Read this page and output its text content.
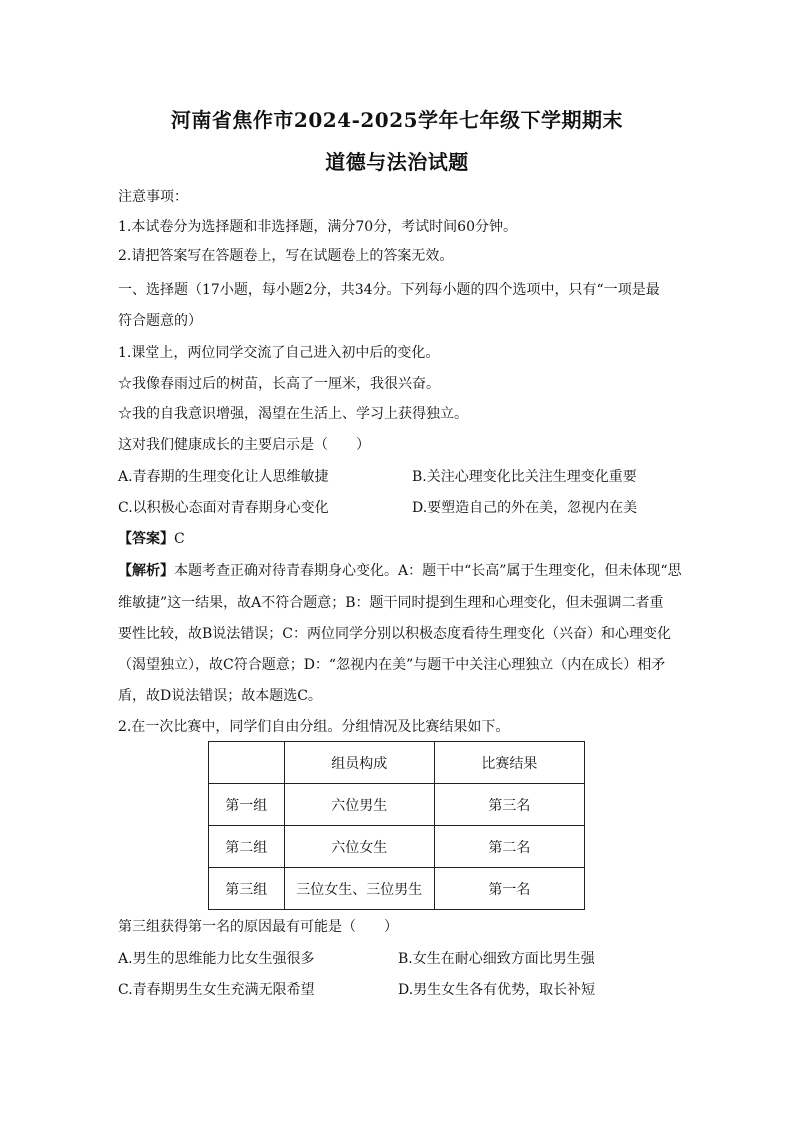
河南省焦作市2024-2025学年七年级下学期期末
道德与法治试题
注意事项：
1.本试卷分为选择题和非选择题，满分70分，考试时间60分钟。
2.请把答案写在答题卷上，写在试题卷上的答案无效。
一、选择题（17小题，每小题2分，共34分。下列每小题的四个选项中，只有“一项是最
符合题意的）
1.课堂上，两位同学交流了自己进入初中后的变化。
☆我像春雨过后的树苗，长高了一厘米，我很兴奋。
☆我的自我意识增强，渴望在生活上、学习上获得独立。
这对我们健康成长的主要启示是（　　）
A.青春期的生理变化让人思维敏捷	B.关注心理变化比关注生理变化重要
C.以积极心态面对青春期身心变化	D.要塑造自己的外在美，忽视内在美
【答案】C
【解析】本题考查正确对待青春期身心变化。A：题干中“长高”属于生理变化，但未体现“思
维敏捷”这一结果，故A不符合题意；B：题干同时提到生理和心理变化，但未强调二者重
要性比较，故B说法错误；C：两位同学分别以积极态度看待生理变化（兴奋）和心理变化
（渴望独立），故C符合题意；D：“忽视内在美”与题干中关注心理独立（内在成长）相矛
盾，故D说法错误；故本题选C。
2.在一次比赛中，同学们自由分组。分组情况及比赛结果如下。
	组员构成	比赛结果
第一组	六位男生	第三名
第二组	六位女生	第二名
第三组	三位女生、三位男生	第一名
第三组获得第一名的原因最有可能是（　　）
A.男生的思维能力比女生强很多	B.女生在耐心细致方面比男生强
C.青春期男生女生充满无限希望	D.男生女生各有优势，取长补短
